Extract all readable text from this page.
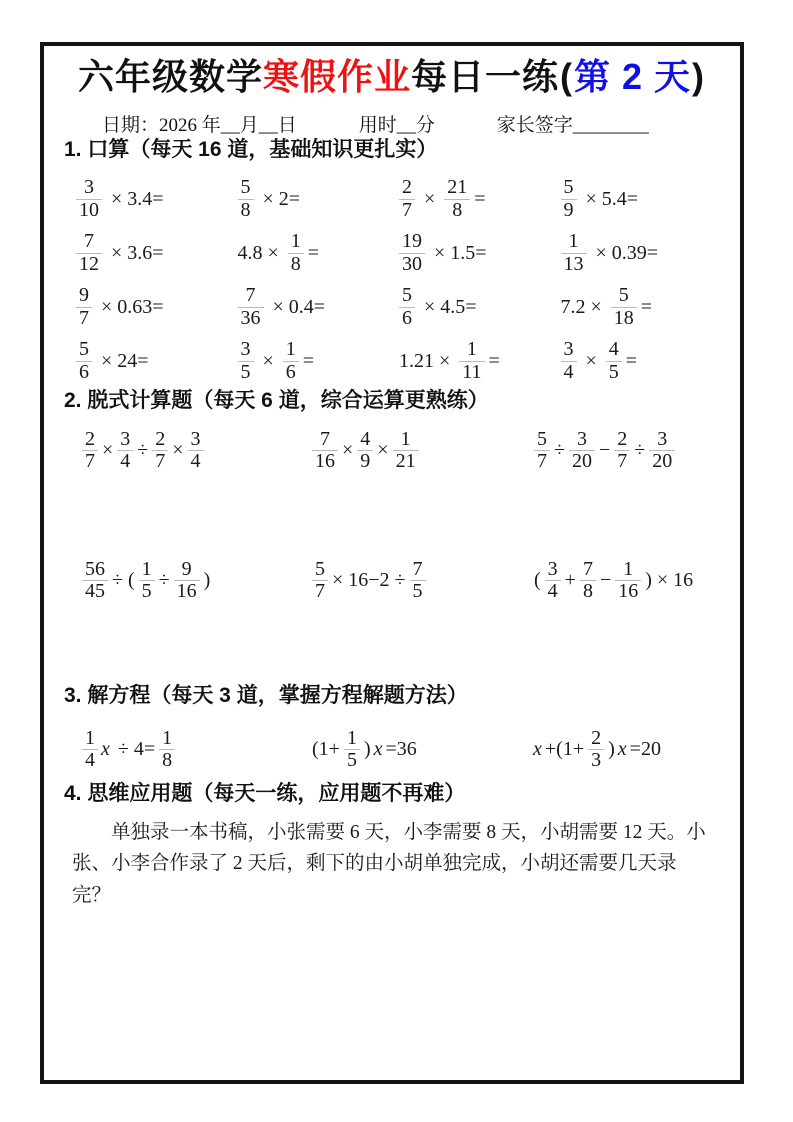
六年级数学寒假作业每日一练(第 2 天)
日期：2026 年__月__日	用时__分	家长签字________
1. 口算（每天 16 道，基础知识更扎实）
$\frac{3}{10} \times 3.4=$	$\frac{5}{8} \times 2=$	$\frac{2}{7} \times \frac{21}{8}$ =	$\frac{5}{9} \times 5.4=$
$\frac{7}{12} \times 3.6=$	$4.8 \times \frac{1}{8}$ =	$\frac{19}{30} \times 1.5=$	$\frac{1}{13} \times 0.39=$
$\frac{9}{7} \times 0.63=$	$\frac{7}{36} \times 0.4=$	$\frac{5}{6} \times 4.5=$	$7.2 \times \frac{5}{18}$ =
$\frac{5}{6} \times 24=$	$\frac{3}{5} \times \frac{1}{6}$ =	$1.21 \times \frac{1}{11}$ =	$\frac{3}{4} \times \frac{4}{5}$ =
2. 脱式计算题（每天 6 道，综合运算更熟练）
$\frac{2}{7} \times \frac{3}{4} \div \frac{2}{7} \times \frac{3}{4}$	$\frac{7}{16} \times \frac{4}{9} \times \frac{1}{21}$	$\frac{5}{7} \div \frac{3}{20} - \frac{2}{7} \div \frac{3}{20}$
$\frac{56}{45}$ ÷ ( $\frac{1}{5} \div \frac{9}{16}$ )	$\frac{5}{7} \times 16-2 \div \frac{7}{5}$	( $\frac{3}{4} + \frac{7}{8} - \frac{1}{16}$ ) × 16
3. 解方程（每天 3 道，掌握方程解题方法）
$\frac{1}{4}$ $x \div 4= \frac{1}{8}$	($1+ \frac{1}{5}$ ) x =36	$x +(1+ \frac{2}{3}$ ) x =20
4. 思维应用题（每天一练，应用题不再难）

单独录一本书稿，小张需要 6 天，小李需要 8 天，小胡需要 12 天。小张、小李合作录了 2 天后，剩下的由小胡单独完成，小胡还需要几天录完？
